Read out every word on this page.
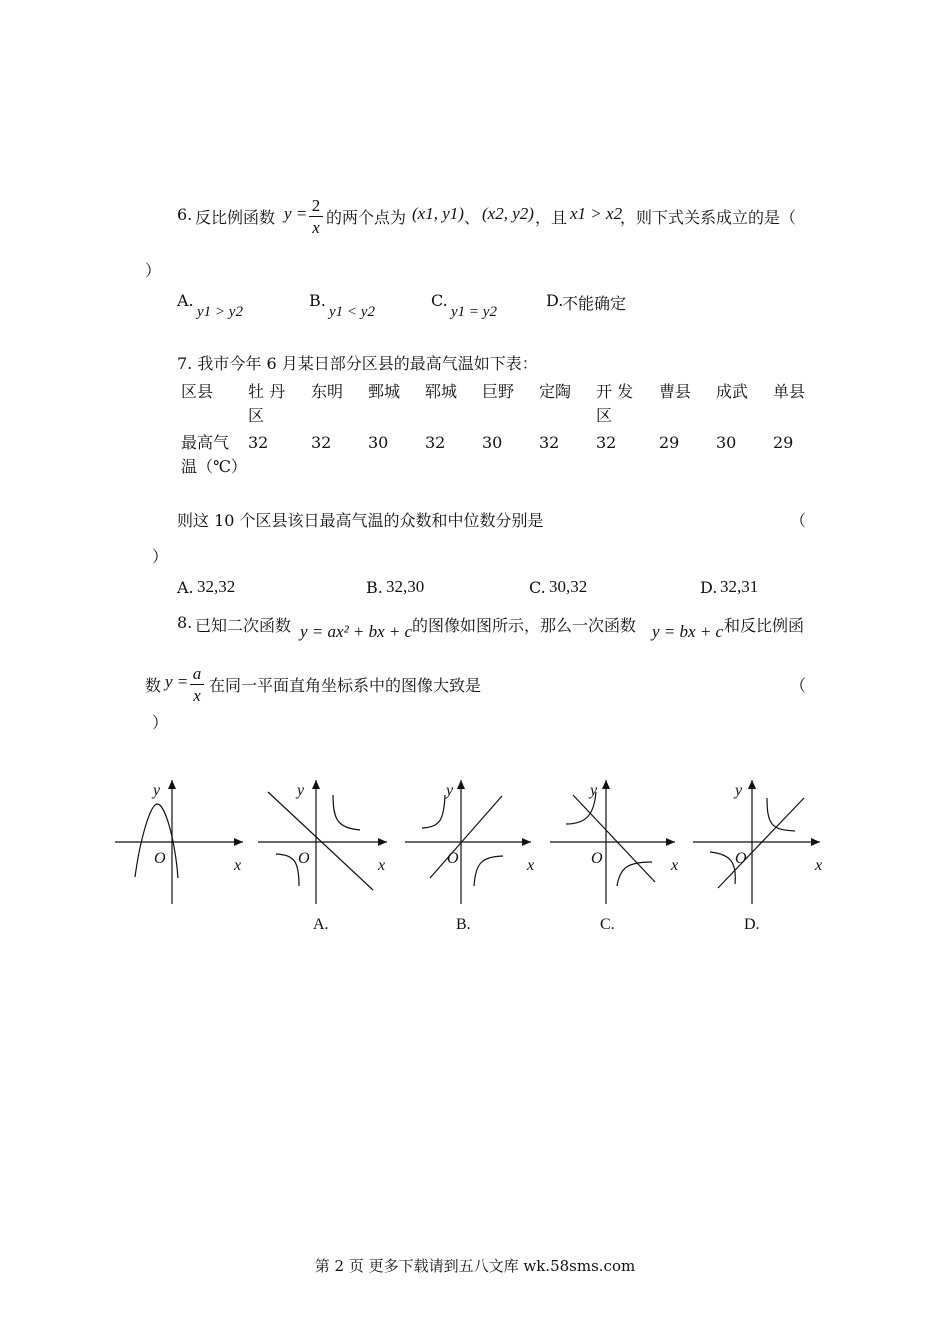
6. 反比例函数 y = 2
x
的两个点为 (x1, y1) 、 (x2, y2) ，且 x1 > x2
，则下式关系成立的是（
）
A.
y1 > y2
B.
y1 < y2
C.
y1 = y2
D.
不能确定
7. 我市今年 6 月某日部分区县的最高气温如下表：
区县	牡 丹 区	东明	鄄城	郓城	巨野	定陶	开 发 区	曹县	成武	单县
最高气温（℃）	32	32	30	32	30	32	32	29	30	29
则这 10 个区县该日最高气温的众数和中位数分别是	（
）
A. 32,32	B. 32,30	C. 30,32	D. 32,31
8. 已知二次函数 y = ax² + bx + c 的图像如图所示，那么一次函数 y = bx + c 和反比例函
数 y = a
x
在同一平面直角坐标系中的图像大致是	（
）
y
x
O
y
x
O
y
x
O
y
x
O
y
x
O
A.	B.	C.	D.
第 2 页 更多下载请到五八文库 wk.58sms.com
